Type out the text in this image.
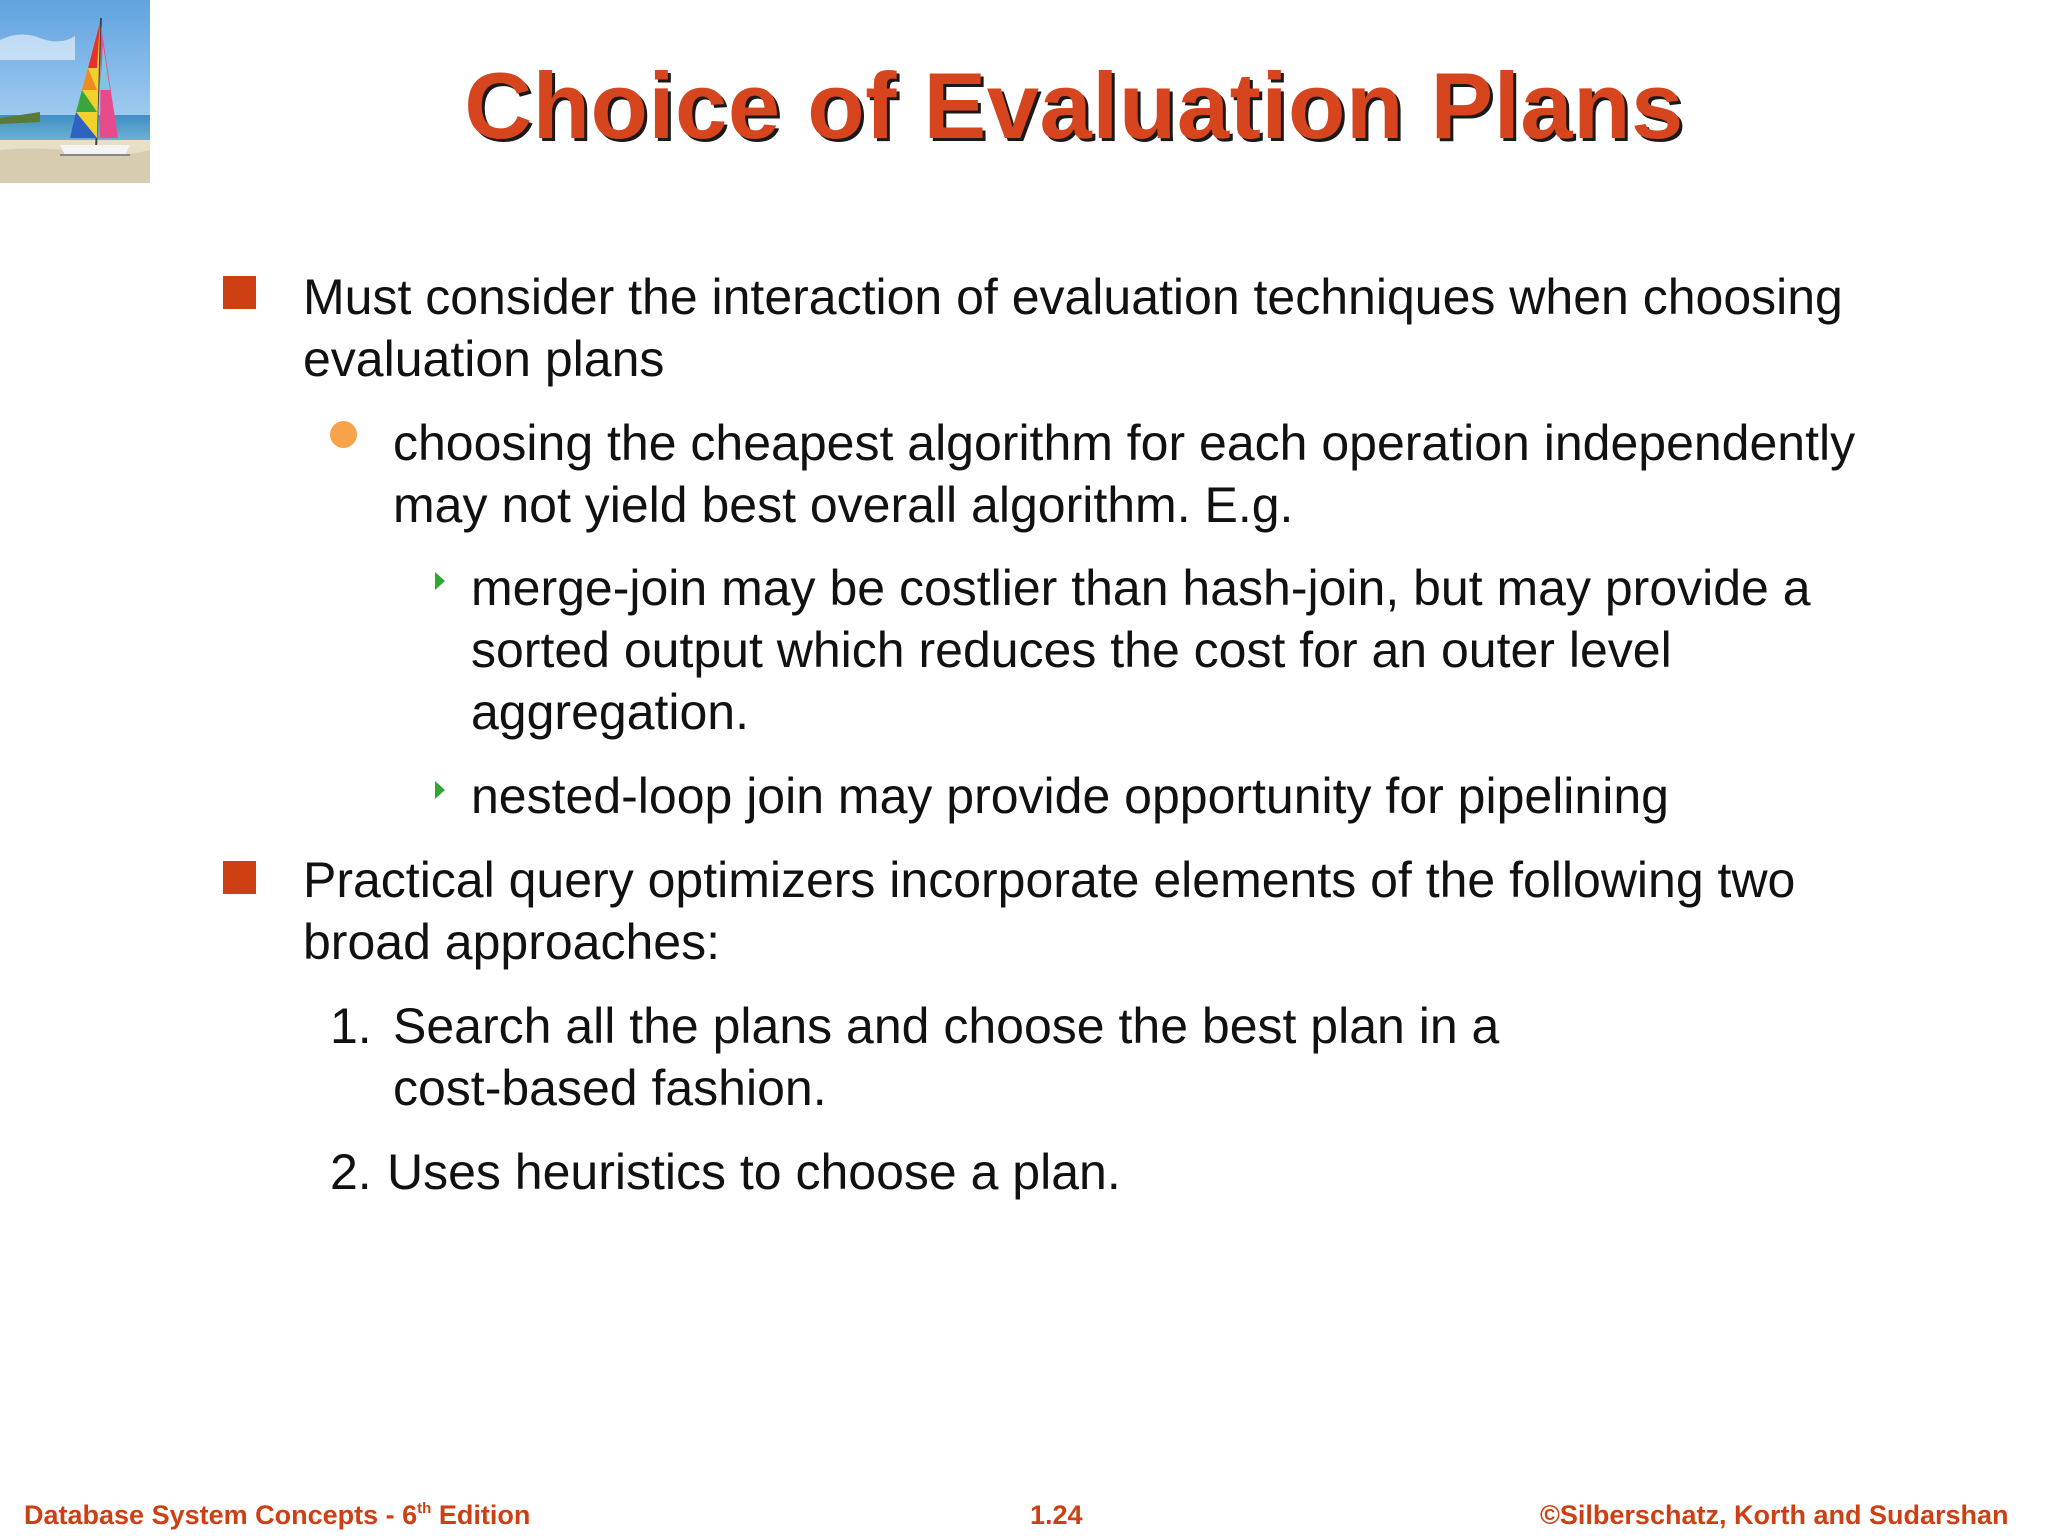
Choice of Evaluation Plans
Must consider the interaction of evaluation techniques when choosing
evaluation plans
choosing the cheapest algorithm for each operation independently
may not yield best overall algorithm. E.g.
merge-join may be costlier than hash-join, but may provide a
sorted output which reduces the cost for an outer level
aggregation.
nested-loop join may provide opportunity for pipelining
Practical query optimizers incorporate elements of the following two
broad approaches:
1. Search all the plans and choose the best plan in a
cost-based fashion.
2. Uses heuristics to choose a plan.
Database System Concepts - 6th Edition	1.24	©Silberschatz, Korth and Sudarshan
